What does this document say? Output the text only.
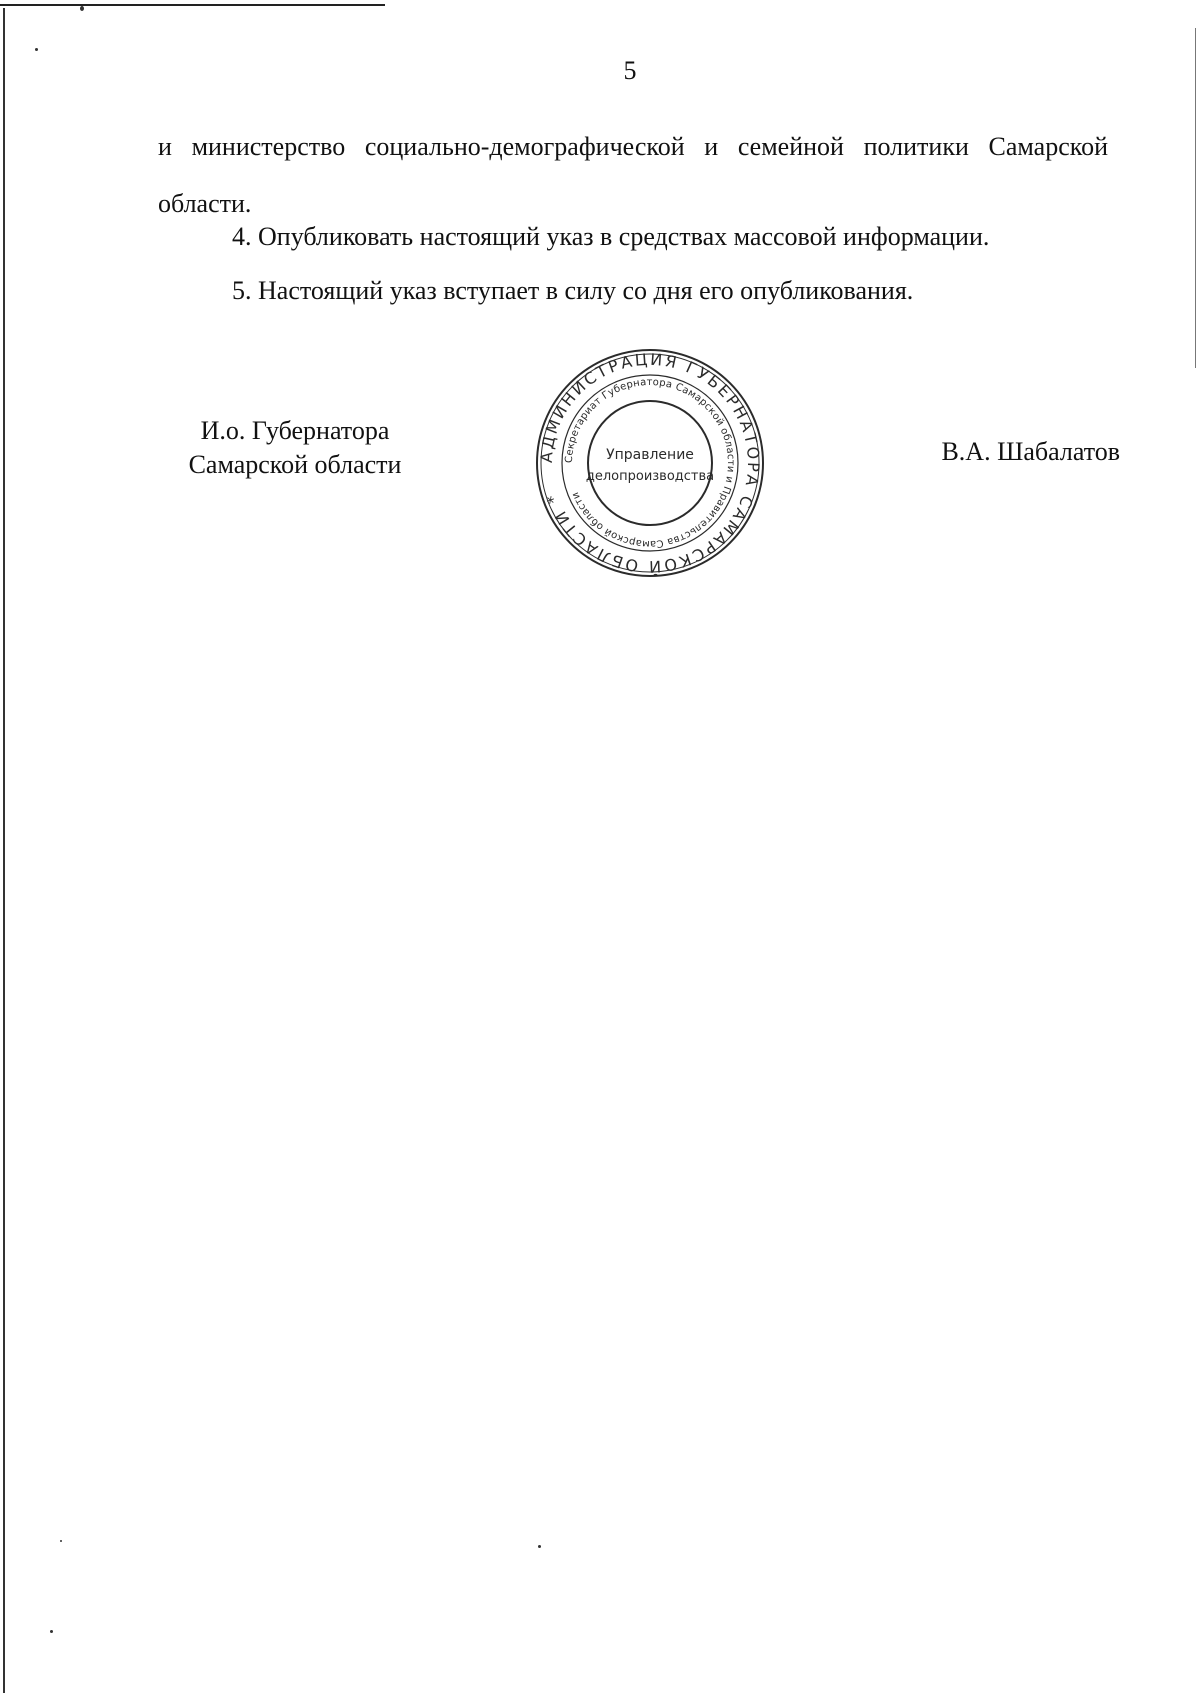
5
и министерство социально-демографической и семейной политики Самарской области.
4. Опубликовать настоящий указ в средствах массовой информации.
5. Настоящий указ вступает в силу со дня его опубликования.
И.о. Губернатора
Самарской области	В.А. Шабалатов
АДМИНИСТРАЦИЯ ГУБЕРНАТОРА САМАРСКОЙ ОБЛАСТИ *
Секретариат Губернатора Самарской области и Правительства Самарской области
Управление
делопроизводства
